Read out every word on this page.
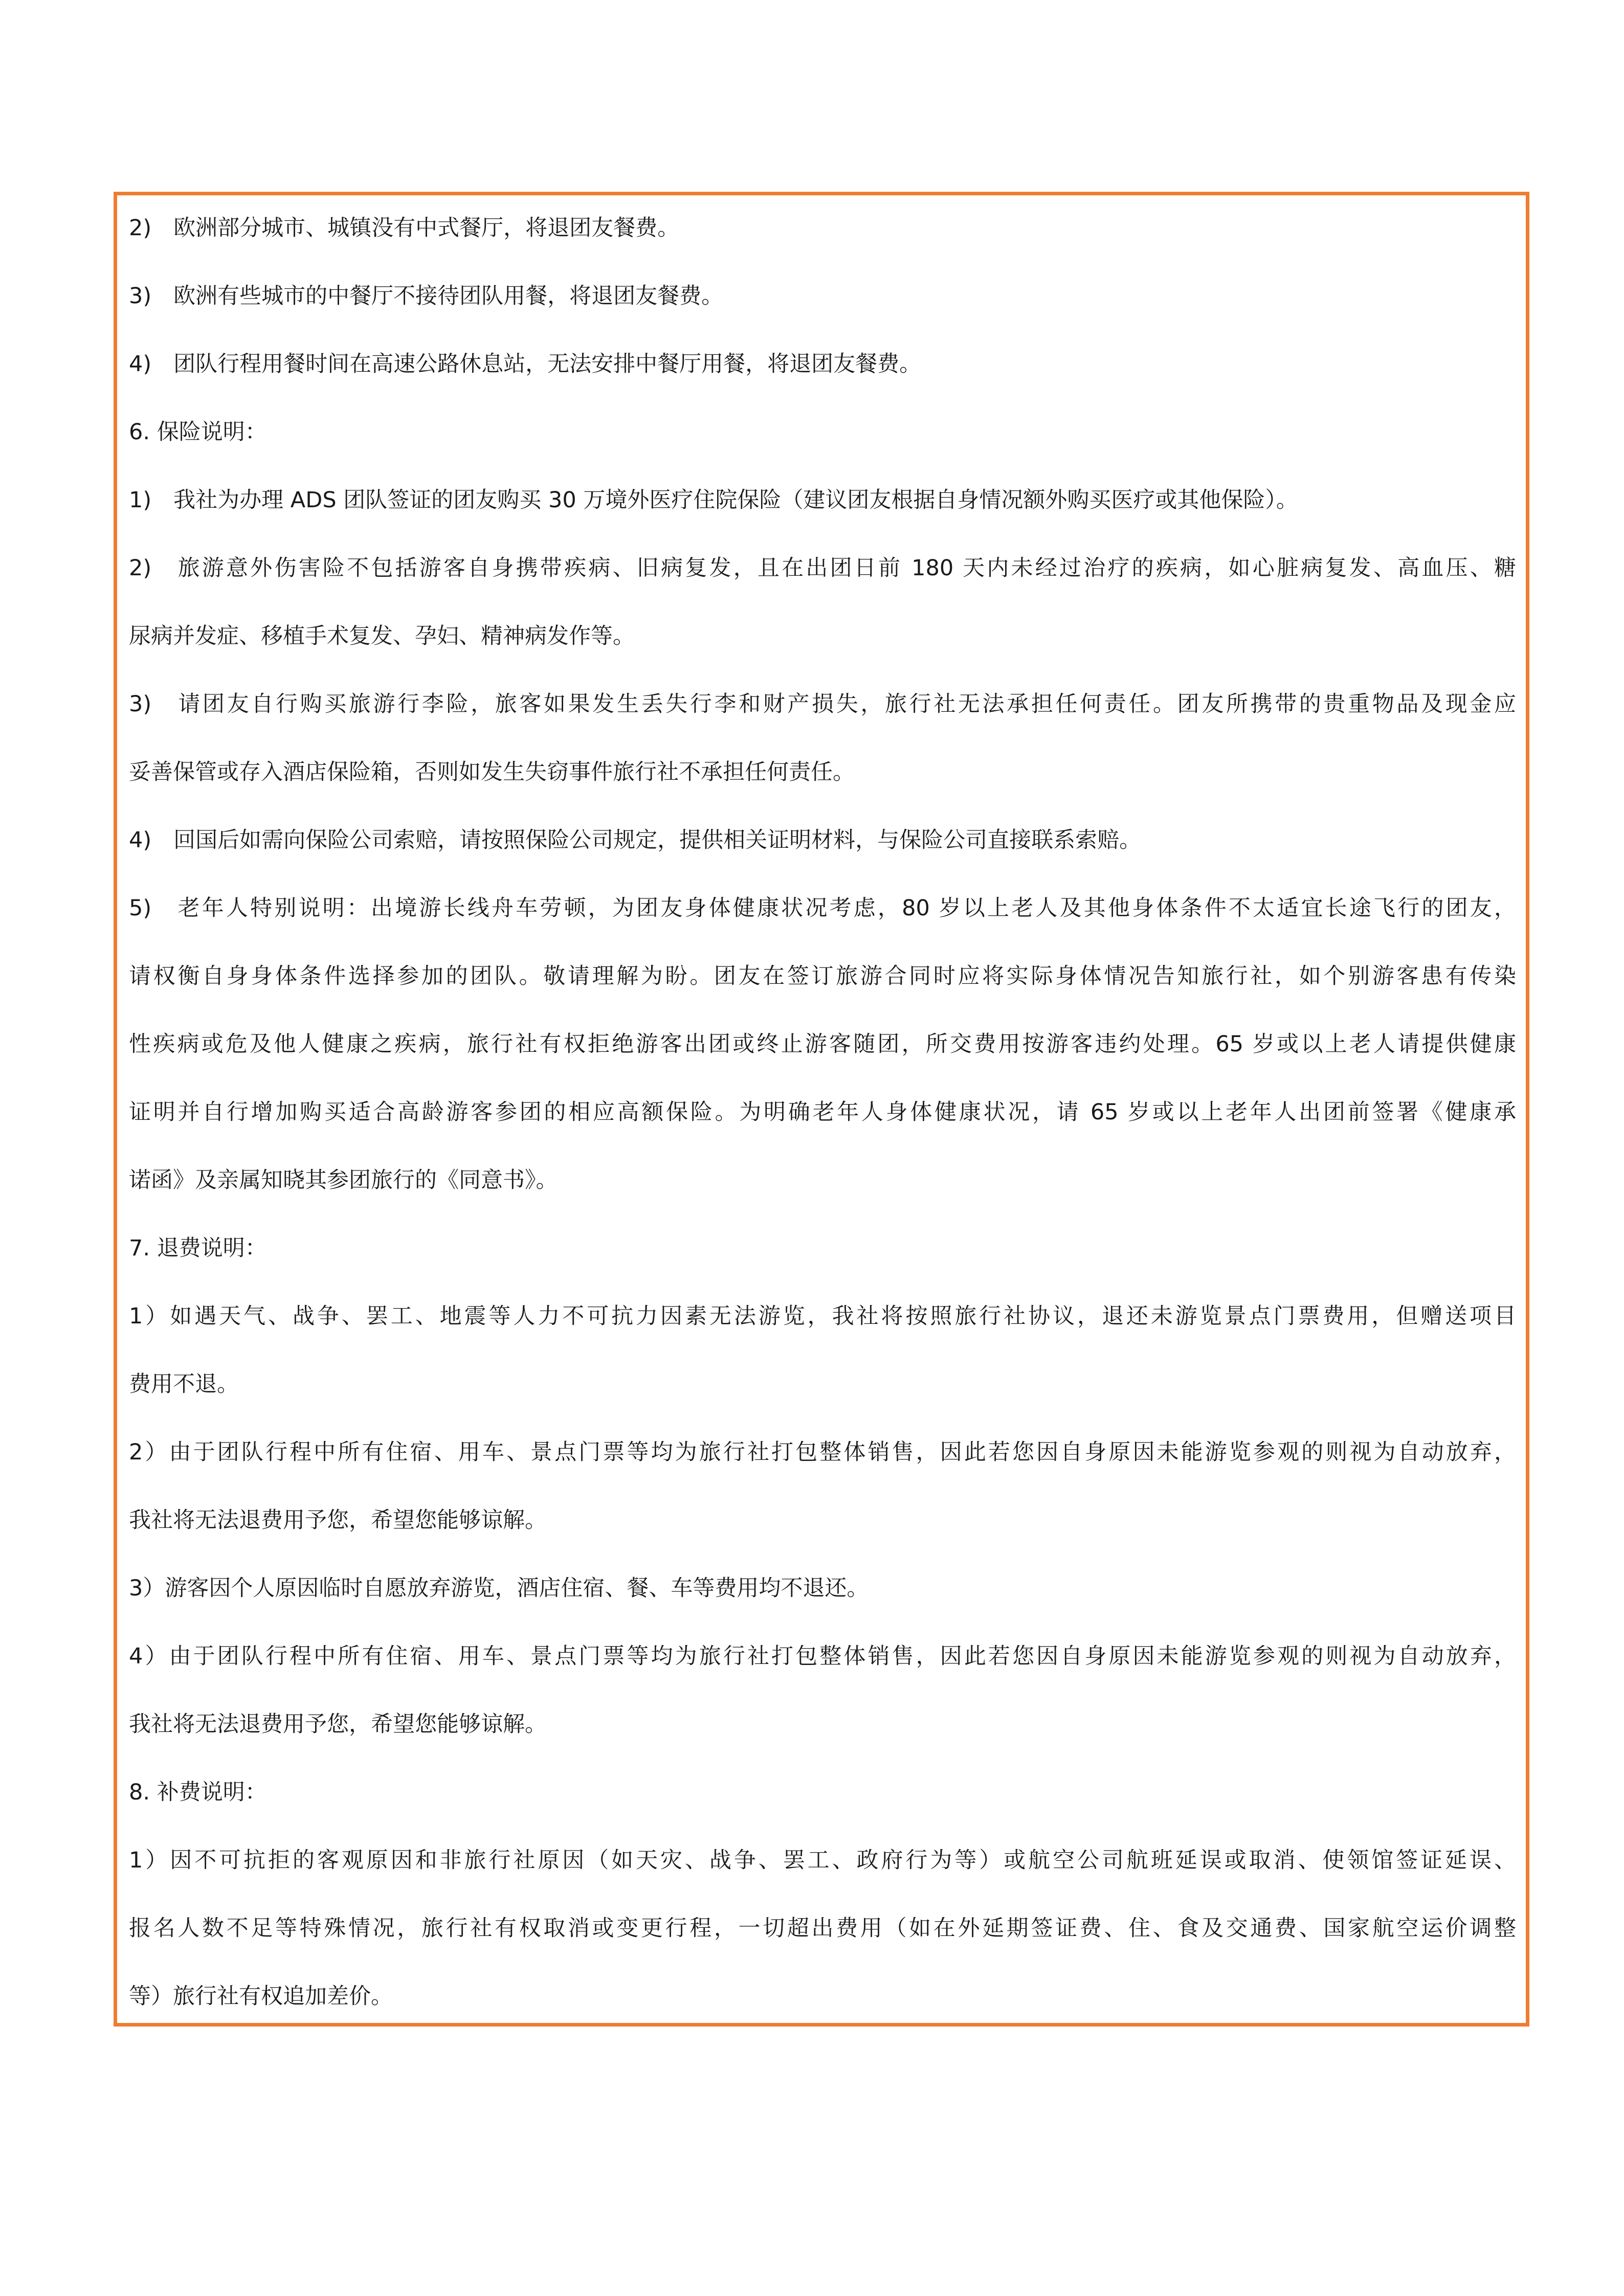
2)　欧洲部分城市、城镇没有中式餐厅，将退团友餐费。
3)　欧洲有些城市的中餐厅不接待团队用餐，将退团友餐费。
4)　团队行程用餐时间在高速公路休息站，无法安排中餐厅用餐，将退团友餐费。
6. 保险说明：
1)　我社为办理 ADS 团队签证的团友购买 30 万境外医疗住院保险（建议团友根据自身情况额外购买医疗或其他保险）。
2)　旅游意外伤害险不包括游客自身携带疾病、旧病复发，且在出团日前 180 天内未经过治疗的疾病，如心脏病复发、高血压、糖
尿病并发症、移植手术复发、孕妇、精神病发作等。
3)　请团友自行购买旅游行李险，旅客如果发生丢失行李和财产损失，旅行社无法承担任何责任。团友所携带的贵重物品及现金应
妥善保管或存入酒店保险箱，否则如发生失窃事件旅行社不承担任何责任。
4)　回国后如需向保险公司索赔，请按照保险公司规定，提供相关证明材料，与保险公司直接联系索赔。
5)　老年人特别说明：出境游长线舟车劳顿，为团友身体健康状况考虑，80 岁以上老人及其他身体条件不太适宜长途飞行的团友，
请权衡自身身体条件选择参加的团队。敬请理解为盼。团友在签订旅游合同时应将实际身体情况告知旅行社，如个别游客患有传染
性疾病或危及他人健康之疾病，旅行社有权拒绝游客出团或终止游客随团，所交费用按游客违约处理。65 岁或以上老人请提供健康
证明并自行增加购买适合高龄游客参团的相应高额保险。为明确老年人身体健康状况，请 65 岁或以上老年人出团前签署《健康承
诺函》及亲属知晓其参团旅行的《同意书》。
7. 退费说明：
1）如遇天气、战争、罢工、地震等人力不可抗力因素无法游览，我社将按照旅行社协议，退还未游览景点门票费用，但赠送项目
费用不退。
2）由于团队行程中所有住宿、用车、景点门票等均为旅行社打包整体销售，因此若您因自身原因未能游览参观的则视为自动放弃，
我社将无法退费用予您，希望您能够谅解。
3）游客因个人原因临时自愿放弃游览，酒店住宿、餐、车等费用均不退还。
4）由于团队行程中所有住宿、用车、景点门票等均为旅行社打包整体销售，因此若您因自身原因未能游览参观的则视为自动放弃，
我社将无法退费用予您，希望您能够谅解。
8. 补费说明：
1）因不可抗拒的客观原因和非旅行社原因（如天灾、战争、罢工、政府行为等）或航空公司航班延误或取消、使领馆签证延误、
报名人数不足等特殊情况，旅行社有权取消或变更行程，一切超出费用（如在外延期签证费、住、食及交通费、国家航空运价调整
等）旅行社有权追加差价。
